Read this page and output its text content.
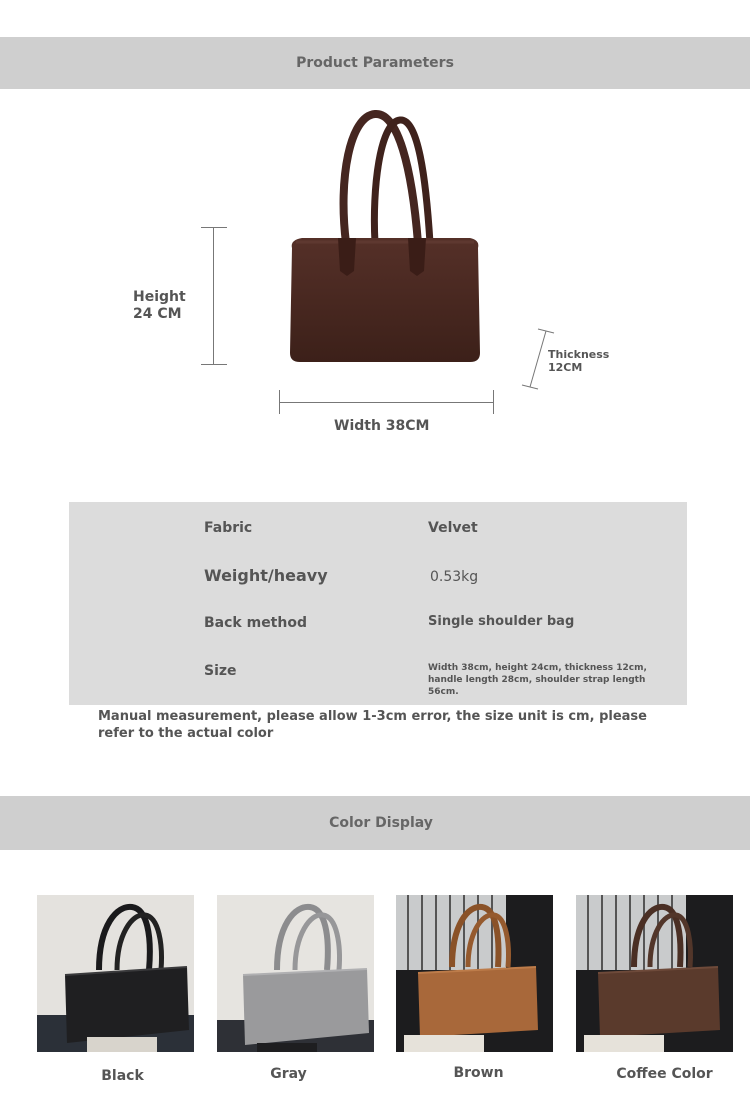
Product Parameters
Height 24 CM
Width 38CM
Thickness 12CM
Fabric	Velvet
Weight/heavy	0.53kg
Back method	Single shoulder bag
Size	Width 38cm, height 24cm, thickness 12cm, handle length 28cm, shoulder strap length 56cm.
Manual measurement, please allow 1-3cm error, the size unit is cm, please refer to the actual color
Color Display
Black	Gray	Brown	Coffee Color
